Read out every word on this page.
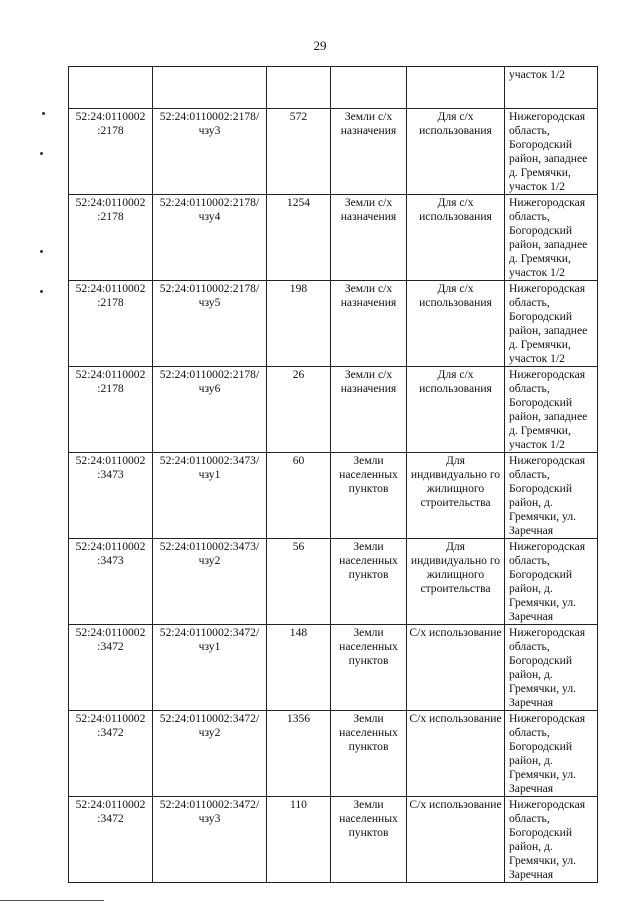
29
					участок 1/2
52:24:0110002 :2178	52:24:0110002:2178/ чзу3	572	Земли с/х назначения	Для с/х использования	Нижегородская область, Богородский район, западнее д. Гремячки, участок 1/2
52:24:0110002 :2178	52:24:0110002:2178/ чзу4	1254	Земли с/х назначения	Для с/х использования	Нижегородская область, Богородский район, западнее д. Гремячки, участок 1/2
52:24:0110002 :2178	52:24:0110002:2178/ чзу5	198	Земли с/х назначения	Для с/х использования	Нижегородская область, Богородский район, западнее д. Гремячки, участок 1/2
52:24:0110002 :2178	52:24:0110002:2178/ чзу6	26	Земли с/х назначения	Для с/х использования	Нижегородская область, Богородский район, западнее д. Гремячки, участок 1/2
52:24:0110002 :3473	52:24:0110002:3473/ чзу1	60	Земли населенных пунктов	Для индивидуально го жилищного строительства	Нижегородская область, Богородский район, д. Гремячки, ул. Заречная
52:24:0110002 :3473	52:24:0110002:3473/ чзу2	56	Земли населенных пунктов	Для индивидуально го жилищного строительства	Нижегородская область, Богородский район, д. Гремячки, ул. Заречная
52:24:0110002 :3472	52:24:0110002:3472/ чзу1	148	Земли населенных пунктов	С/х использование	Нижегородская область, Богородский район, д. Гремячки, ул. Заречная
52:24:0110002 :3472	52:24:0110002:3472/ чзу2	1356	Земли населенных пунктов	С/х использование	Нижегородская область, Богородский район, д. Гремячки, ул. Заречная
52:24:0110002 :3472	52:24:0110002:3472/ чзу3	110	Земли населенных пунктов	С/х использование	Нижегородская область, Богородский район, д. Гремячки, ул. Заречная
